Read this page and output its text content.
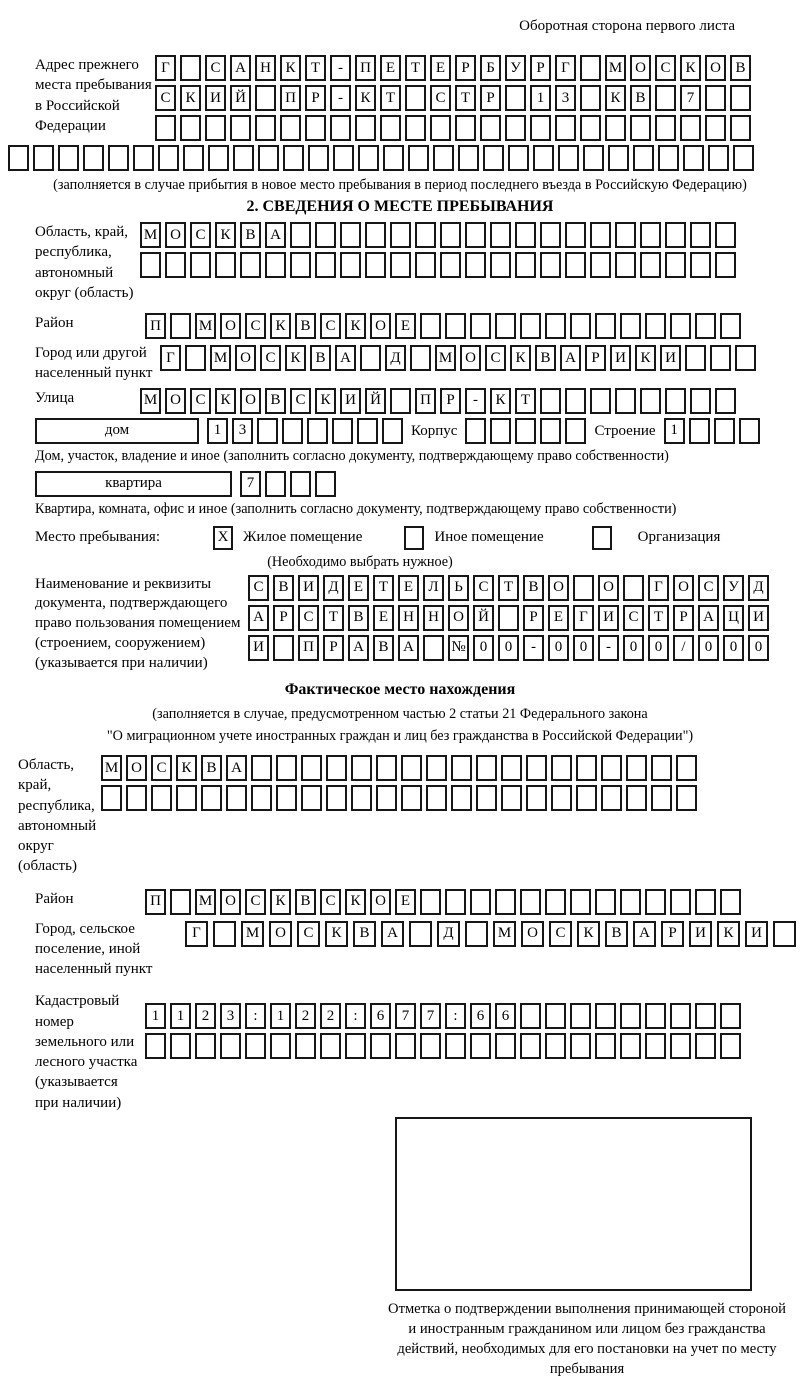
Оборотная сторона первого листа
Адрес прежнего места пребывания в Российской Федерации
Г	С А Н К	Т	-	П Е	Т	Е	Р	Б	У	Р	Г	М О С К О В
С К И Й	П	Р	-	К	Т	С	Т	Р	1	3	К В	7
(заполняется в случае прибытия в новое место пребывания в период последнего въезда в Российскую Федерацию)
2. СВЕДЕНИЯ О МЕСТЕ ПРЕБЫВАНИЯ
Область, край, республика, автономный округ (область)
М О С К В А
Район	П	М О С К В С К О Е
Город или другой населенный пункт
Г	М О С К В А	Д	М О С К В А	Р	И К И
Улица	М О С К О В С К И Й	П	Р	-	К	Т
дом	1	3	Корпус	Строение 1
Дом, участок, владение и иное (заполнить согласно документу, подтверждающему право собственности)
квартира	7
Квартира, комната, офис и иное (заполнить согласно документу, подтверждающему право собственности)
Место пребывания:	X Жилое помещение	Иное помещение	Организация
(Необходимо выбрать нужное)
Наименование и реквизиты документа, подтверждающего право пользования помещением (строением, сооружением) (указывается при наличии)
С В И Д	Е	Т	Е	Л	Ь	С	Т	В О	О	Г	О С У Д
А	Р	С	Т	В	Е	Н Н О Й	Р	Е	Г	И С	Т	Р	А Ц И
И	П	Р	А В А	№ 0	0	-	0	0	-	0	0	/	0	0	0
Фактическое место нахождения
(заполняется в случае, предусмотренном частью 2 статьи 21 Федерального закона
"О миграционном учете иностранных граждан и лиц без гражданства в Российской Федерации")
Область, край, республика, автономный округ (область)
М О С К В А
Район	П	М О С К В С К О Е
Город, сельское поселение, иной населенный пункт
Г	М	О	С	К	В	А	Д	М	О	С	К	В	А	Р	И	К	И
Кадастровый номер земельного или лесного участка (указывается при наличии)
1	1	2	3	:	1	2	2	:	6	7	7	:	6	6
Отметка о подтверждении выполнения принимающей стороной и иностранным гражданином или лицом без гражданства действий, необходимых для его постановки на учет по месту пребывания
